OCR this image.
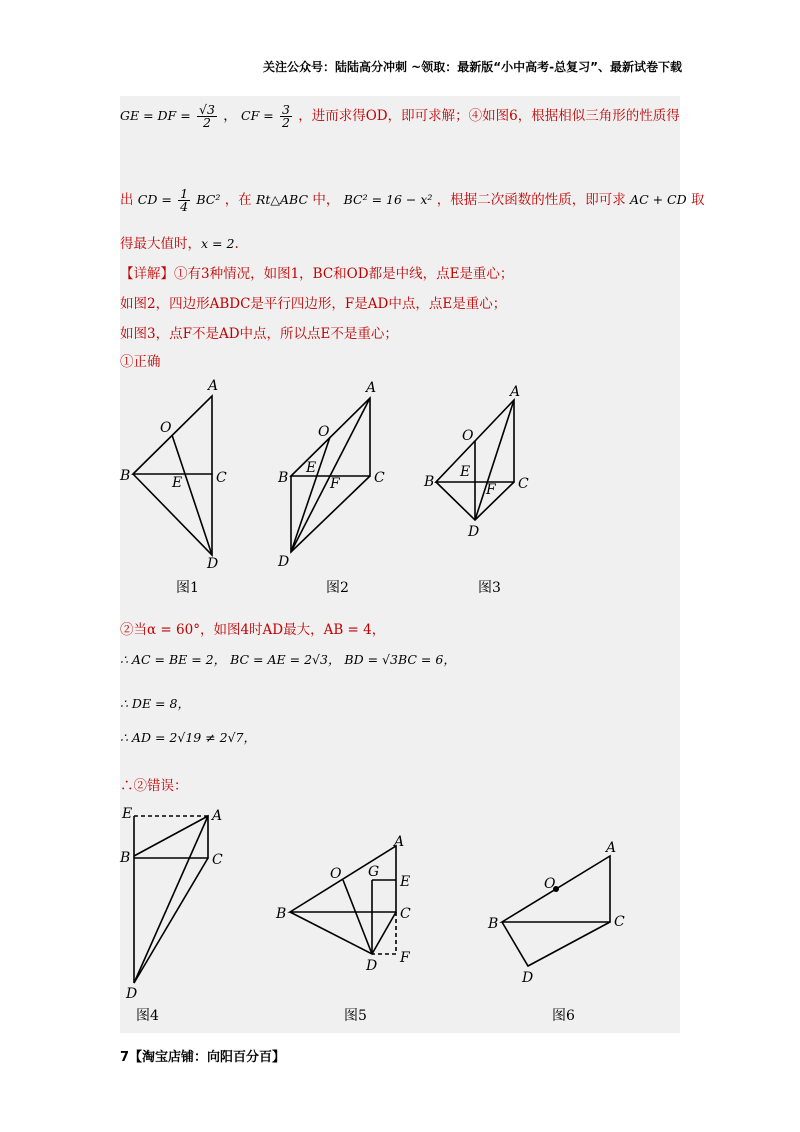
关注公众号：陆陆高分冲刺 ~领取：最新版“小中高考-总复习”、最新试卷下载
GE = DF = $\frac{√3}{2}$ ， CF = $\frac{3}{2}$ ，进而求得OD，即可求解；④如图6，根据相似三角形的性质得
出 CD = $\frac{1}{4} BC^2$ ，在 Rt△ABC 中， BC² = 16 − x² ，根据二次函数的性质，即可求 AC + CD 取
得最大值时，x = 2.
【详解】①有3种情况，如图1，BC和OD都是中线，点E是重心；
如图2，四边形ABDC是平行四边形，F是AD中点，点E是重心；
如图3，点F不是AD中点，所以点E不是重心；
①正确
A
O
B	C
E
D
图1
A
O
E
B	F C
D
图2
A
O
E
B	F C
D
图3
②当α = 60°，如图4时AD最大，AB = 4，
∴ AC = BE = 2， BC = AE = 2√3， BD = √3BC = 6，
∴ DE = 8，
∴ AD = 2√19 ≠ 2√7，
∴②错误：
E	A
B	C
D
图4
A
O G
E
B	C
D F
图5
A
O
B	C
D
图6
7【淘宝店铺：向阳百分百】
